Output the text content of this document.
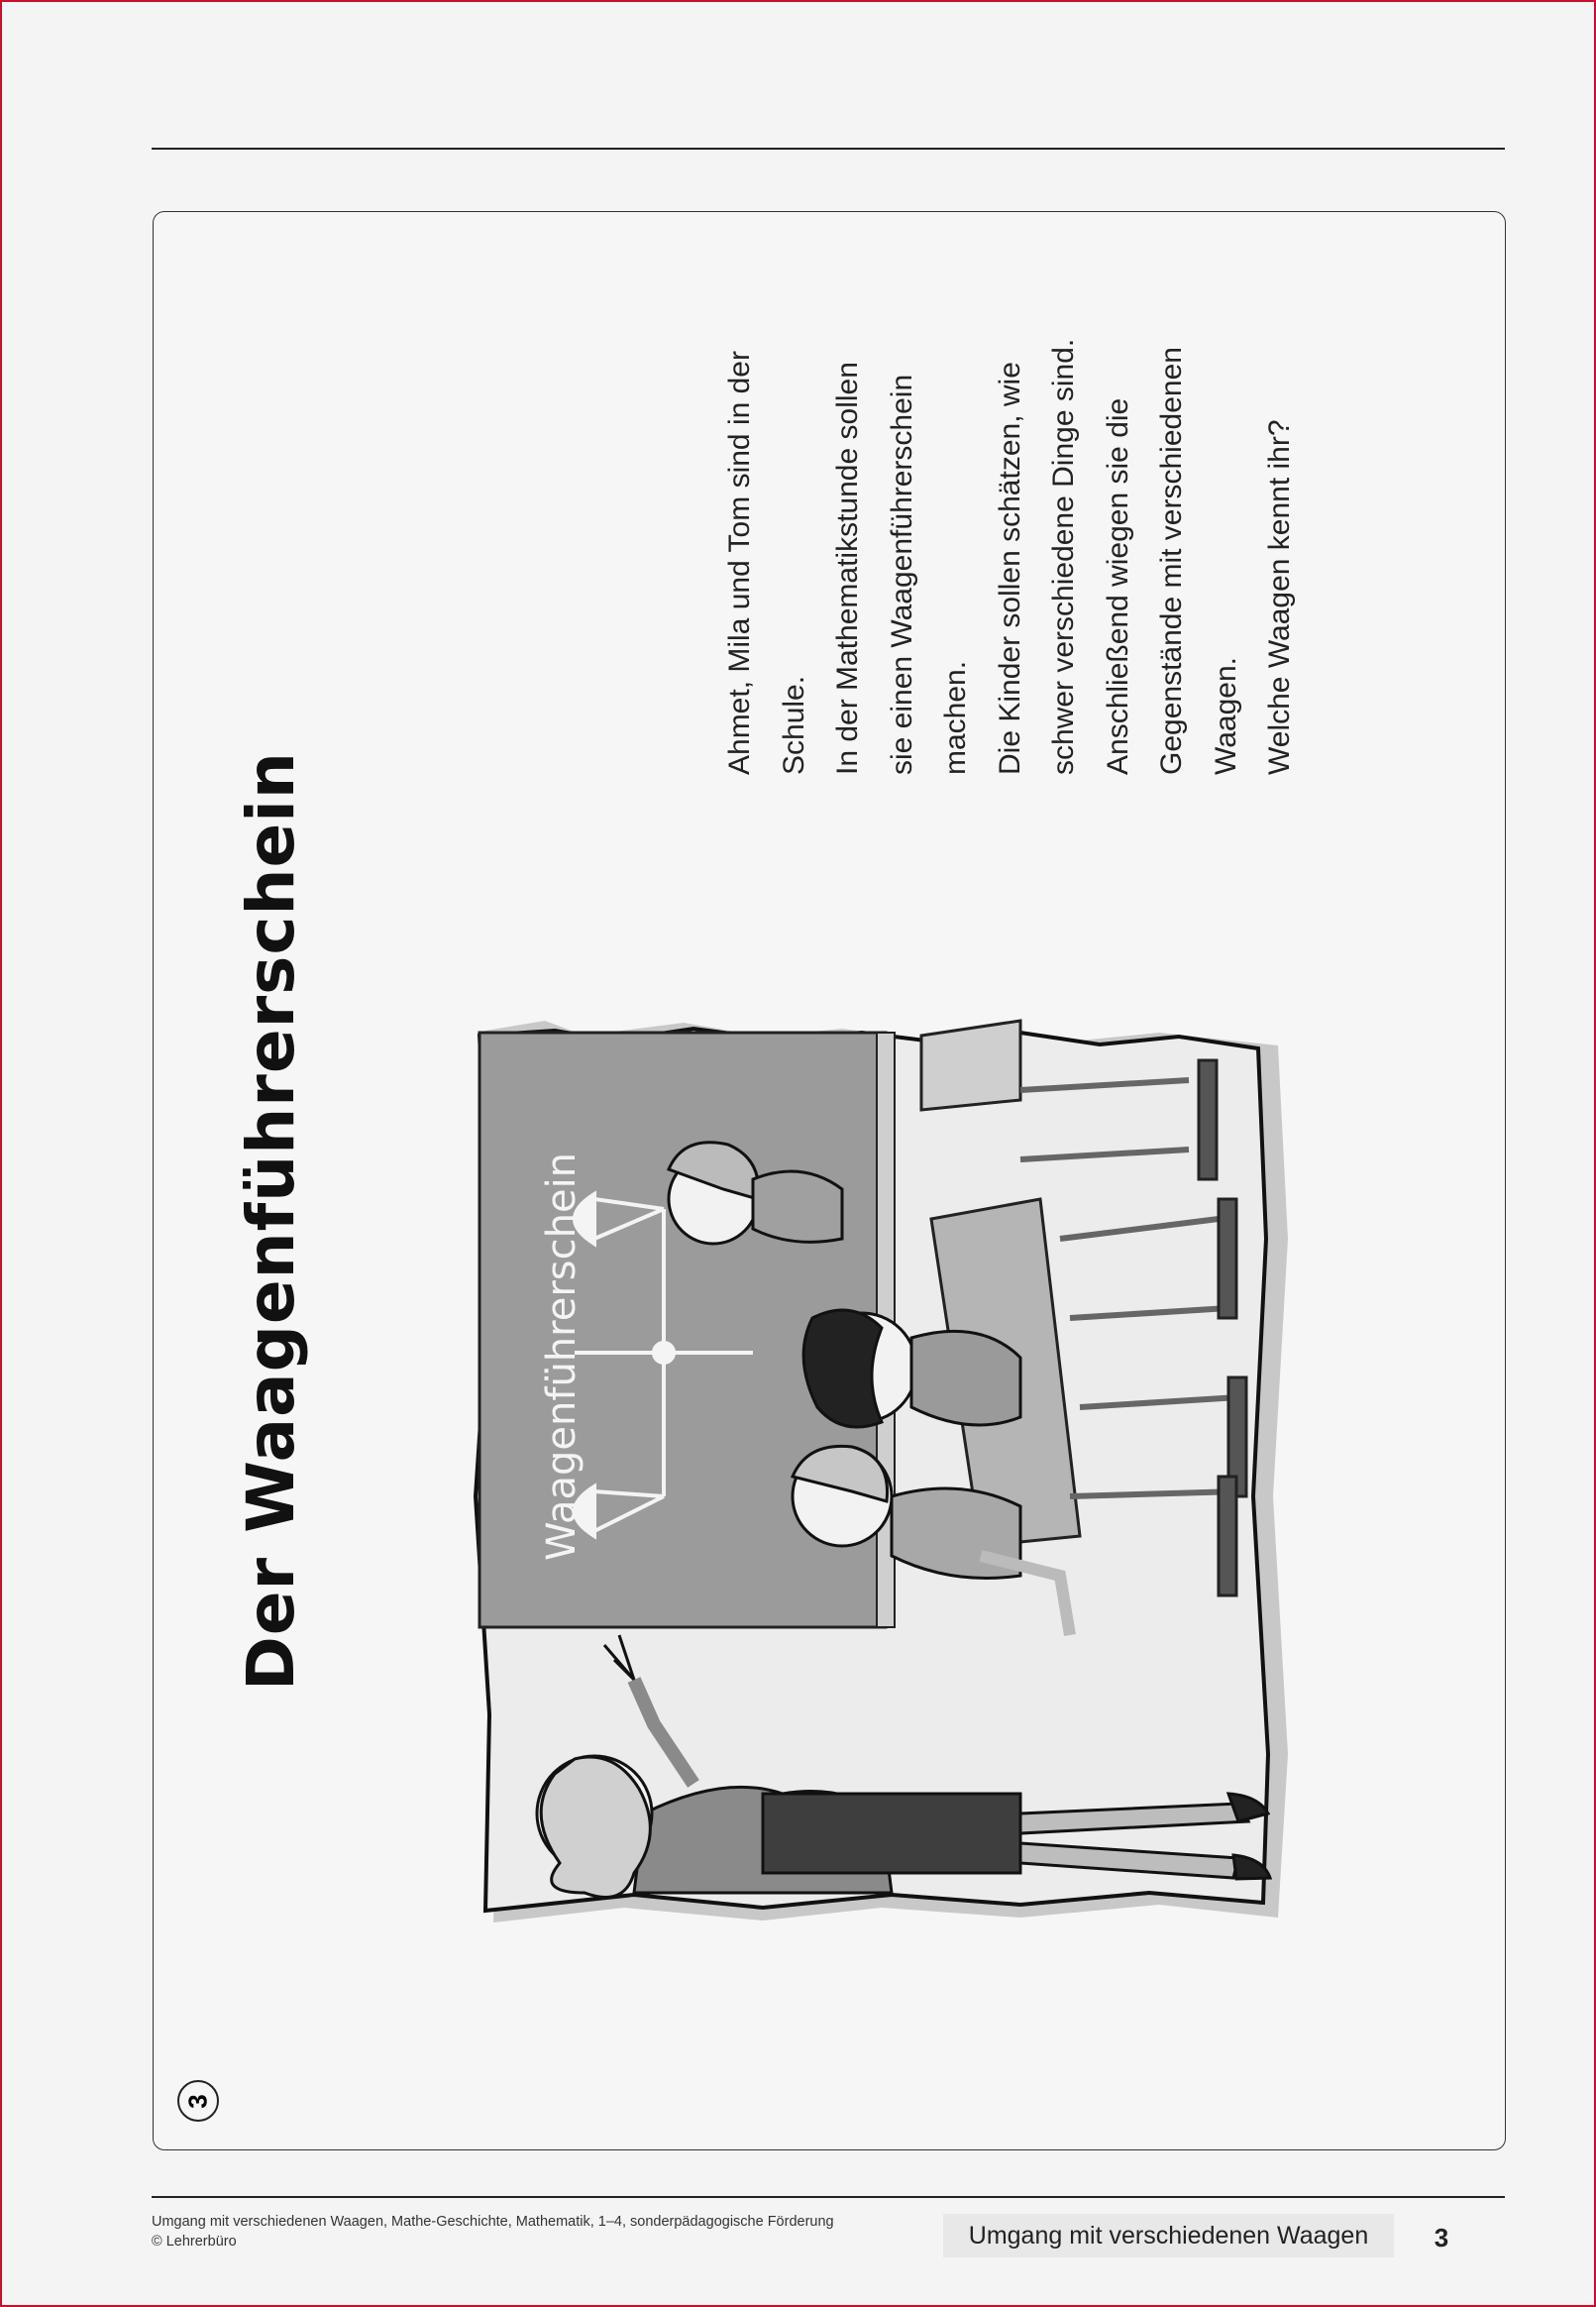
Der Waagenführerschein
Ahmet, Mila und Tom sind in der Schule. In der Mathematikstunde sollen sie einen Waagenführerschein machen. Die Kinder sollen schätzen, wie schwer verschiedene Dinge sind. Anschließend wiegen sie die Gegenstände mit verschiedenen Waagen. Welche Waagen kennt ihr?
3
Waagenführerschein
Umgang mit verschiedenen Waagen, Mathe-Geschichte, Mathematik, 1–4, sonderpädagogische Förderung
© Lehrerbüro	Umgang mit verschiedenen Waagen	3
